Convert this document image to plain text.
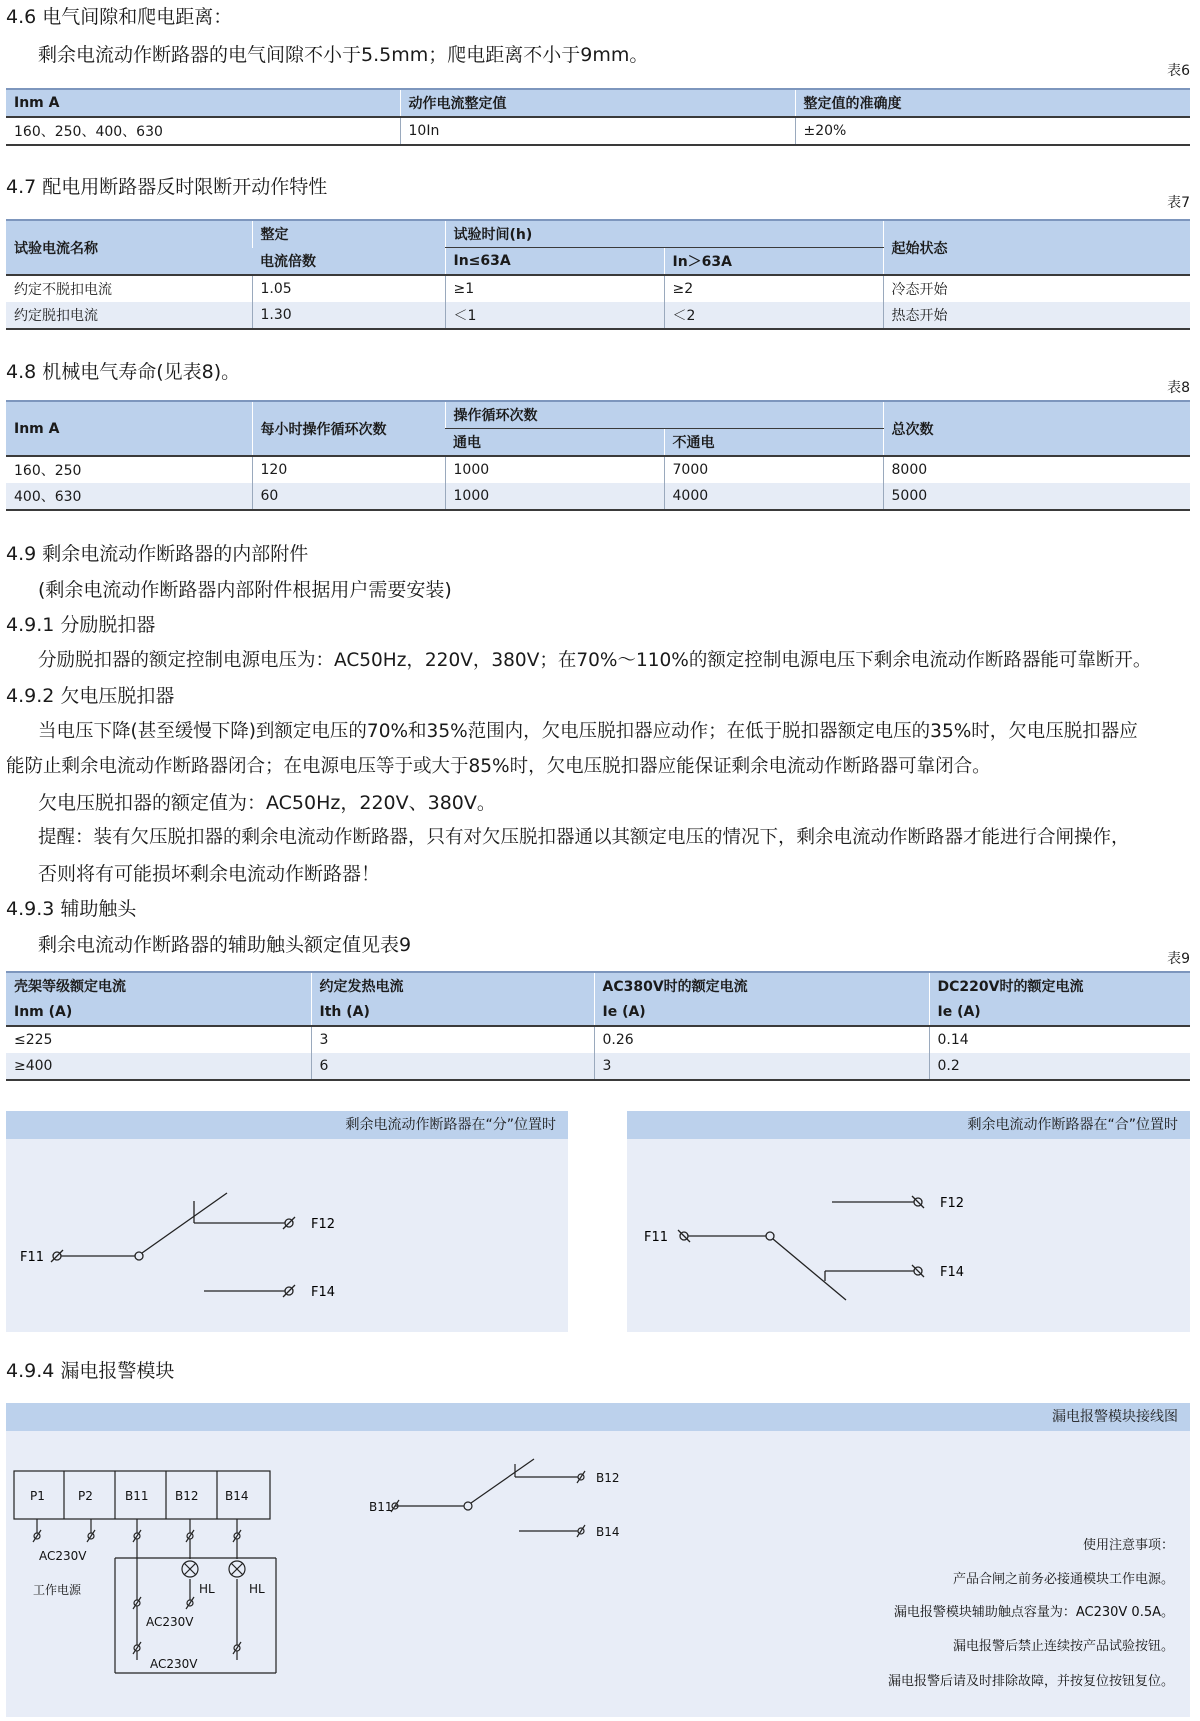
4.6 电气间隙和爬电距离：
剩余电流动作断路器的电气间隙不小于5.5mm；爬电距离不小于9mm。
表6
Inm A	动作电流整定值	整定值的准确度
160、250、400、630	10In	±20%
4.7 配电用断路器反时限断开动作特性
表7
试验电流名称	整定	试验时间(h)		起始状态
	电流倍数	In≤63A	In＞63A	
约定不脱扣电流	1.05	≥1	≥2	冷态开始
约定脱扣电流	1.30	＜1	＜2	热态开始
4.8 机械电气寿命(见表8)。
表8
Inm A	每小时操作循环次数	操作循环次数		总次数
		通电	不通电	
160、250	120	1000	7000	8000
400、630	60	1000	4000	5000
4.9 剩余电流动作断路器的内部附件
(剩余电流动作断路器内部附件根据用户需要安装)
4.9.1 分励脱扣器
分励脱扣器的额定控制电源电压为：AC50Hz，220V，380V；在70%～110%的额定控制电源电压下剩余电流动作断路器能可靠断开。
4.9.2 欠电压脱扣器
当电压下降(甚至缓慢下降)到额定电压的70%和35%范围内，欠电压脱扣器应动作；在低于脱扣器额定电压的35%时，欠电压脱扣器应
能防止剩余电流动作断路器闭合；在电源电压等于或大于85%时，欠电压脱扣器应能保证剩余电流动作断路器可靠闭合。
欠电压脱扣器的额定值为：AC50Hz，220V、380V。
提醒：装有欠压脱扣器的剩余电流动作断路器，只有对欠压脱扣器通以其额定电压的情况下，剩余电流动作断路器才能进行合闸操作，
否则将有可能损坏剩余电流动作断路器！
4.9.3 辅助触头
剩余电流动作断路器的辅助触头额定值见表9
表9
壳架等级额定电流	约定发热电流	AC380V时的额定电流	DC220V时的额定电流
Inm (A)	Ith (A)	Ie (A)	Ie (A)
≤225	3	0.26	0.14
≥400	6	3	0.2
剩余电流动作断路器在“分”位置时
F11
F12
F14
剩余电流动作断路器在“合”位置时
F11
F12
F14
4.9.4 漏电报警模块
漏电报警模块接线图
P1	P2	B11 B12 B14
AC230V
工作电源	HL	HL
AC230V
AC230V
B11
B12
B14
使用注意事项：
产品合闸之前务必接通模块工作电源。
漏电报警模块辅助触点容量为：AC230V 0.5A。
漏电报警后禁止连续按产品试验按钮。
漏电报警后请及时排除故障，并按复位按钮复位。
